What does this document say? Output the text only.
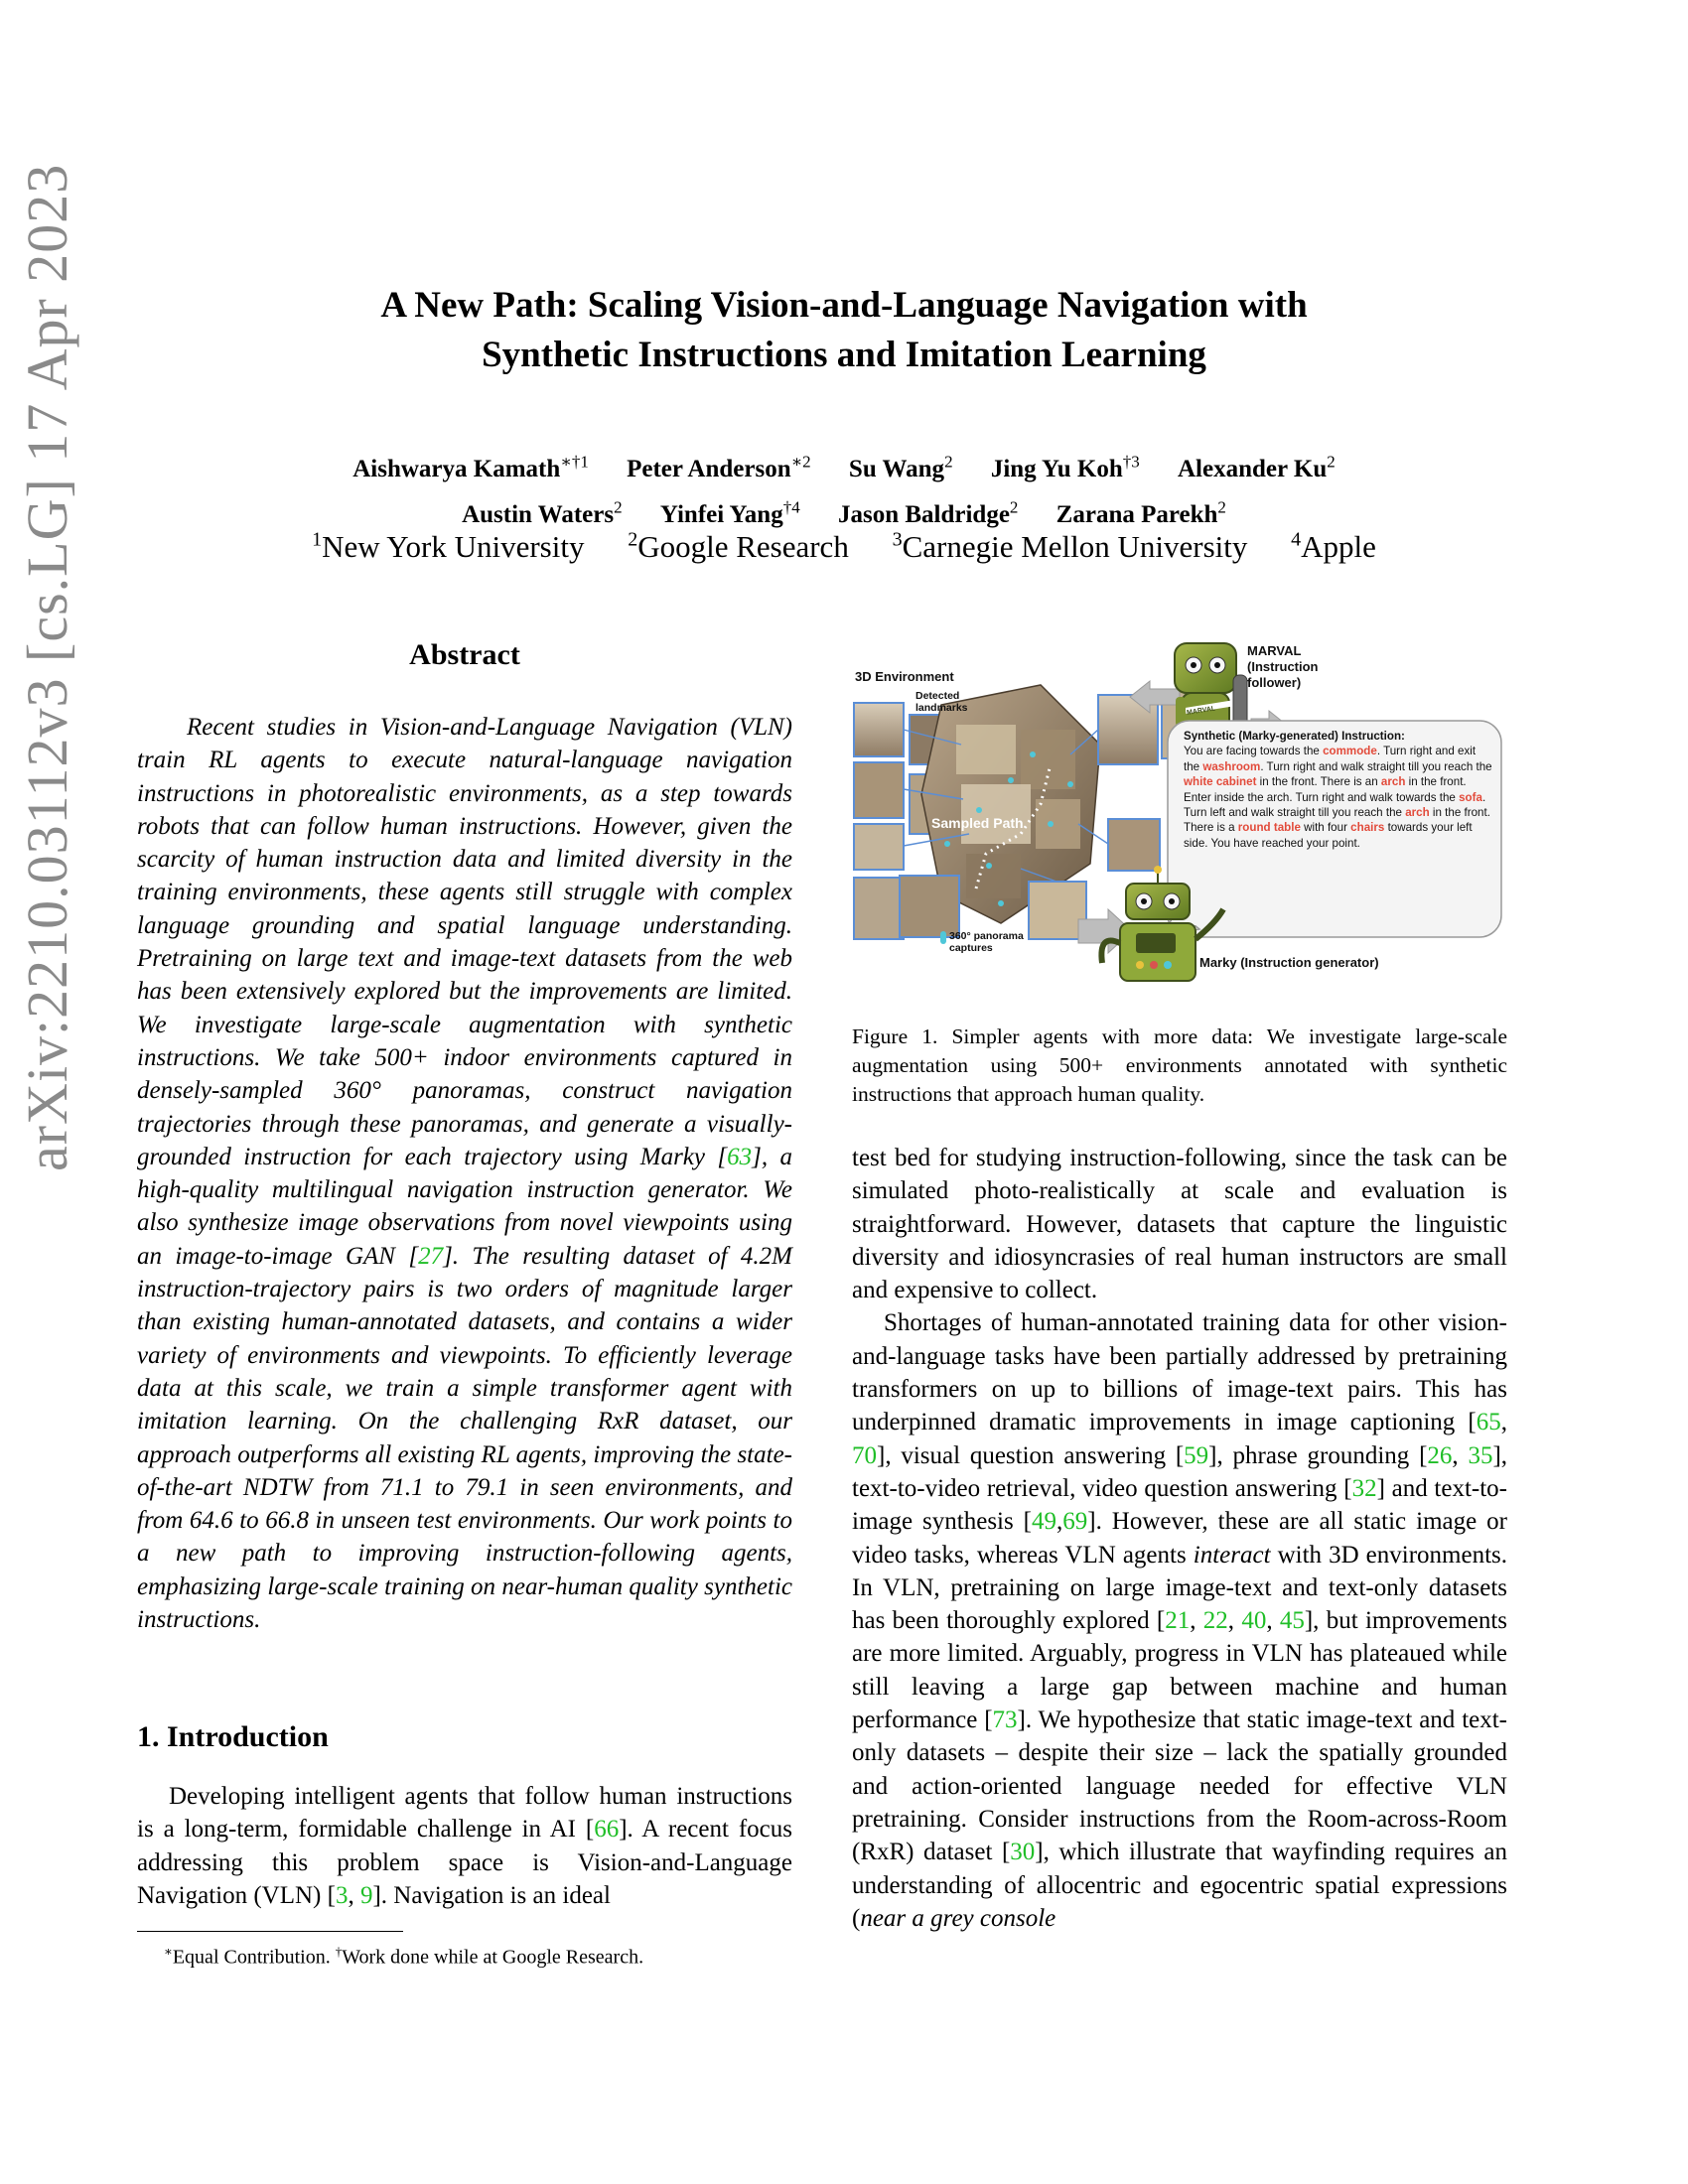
arXiv:2210.03112v3 [cs.LG] 17 Apr 2023	A New Path: Scaling Vision-and-Language Navigation with
Synthetic Instructions and Imitation Learning
Aishwarya Kamath$^{∗\dagger 1}$ Peter Anderson$^{∗2}$ Su Wang$^2$ Jing Yu Koh$^{\dagger 3}$ Alexander Ku$^2$
Austin Waters$^2$ Yinfei Yang$^{\dagger 4}$ Jason Baldridge$^2$ Zarana Parekh$^2$
$^1$New York University $^2$Google Research $^3$Carnegie Mellon University $^4$Apple
Abstract

Recent studies in Vision-and-Language Navigation (VLN) train RL agents to execute natural-language navigation instructions in photorealistic environments, as a step towards robots that can follow human instructions. However, given the scarcity of human instruction data and limited diversity in the training environments, these agents still struggle with complex language grounding and spatial language understanding. Pretraining on large text and image-text datasets from the web has been extensively explored but the improvements are limited. We investigate large-scale augmentation with synthetic instructions. We take 500+ indoor environments captured in densely-sampled 360° panoramas, construct navigation trajectories through these panoramas, and generate a visually-grounded instruction for each trajectory using Marky [63], a high-quality multilingual navigation instruction generator. We also synthesize image observations from novel viewpoints using an image-to-image GAN [27]. The resulting dataset of 4.2M instruction-trajectory pairs is two orders of magnitude larger than existing human-annotated datasets, and contains a wider variety of environments and viewpoints. To efficiently leverage data at this scale, we train a simple transformer agent with imitation learning. On the challenging RxR dataset, our approach outperforms all existing RL agents, improving the state-of-the-art NDTW from 71.1 to 79.1 in seen environments, and from 64.6 to 66.8 in unseen test environments. Our work points to a new path to improving instruction-following agents, emphasizing large-scale training on near-human quality synthetic instructions.

1. Introduction

Developing intelligent agents that follow human instructions is a long-term, formidable challenge in AI [66]. A recent focus addressing this problem space is Vision-and-Language Navigation (VLN) [3, 9]. Navigation is an ideal

∗Equal Contribution. †Work done while at Google Research.
MARVAL
(Instruction
follower)
MARVAL
3D Environment
Detected
landmarks
Sampled Path
360° panorama
captures
Synthetic (Marky-generated) Instruction:
You are facing towards the commode. Turn right and exit the washroom. Turn right and walk straight till you reach the white cabinet in the front. There is an arch in the front. Enter inside the arch. Turn right and walk towards the sofa. Turn left and walk straight till you reach the arch in the front. There is a round table with four chairs towards your left side. You have reached your point.
Marky (Instruction generator)

Figure 1. Simpler agents with more data: We investigate large-scale augmentation using 500+ environments annotated with synthetic instructions that approach human quality.

test bed for studying instruction-following, since the task can be simulated photo-realistically at scale and evaluation is straightforward. However, datasets that capture the linguistic diversity and idiosyncrasies of real human instructors are small and expensive to collect.

Shortages of human-annotated training data for other vision-and-language tasks have been partially addressed by pretraining transformers on up to billions of image-text pairs. This has underpinned dramatic improvements in image captioning [65, 70], visual question answering [59], phrase grounding [26, 35], text-to-video retrieval, video question answering [32] and text-to-image synthesis [49,69]. However, these are all static image or video tasks, whereas VLN agents interact with 3D environments. In VLN, pretraining on large image-text and text-only datasets has been thoroughly explored [21, 22, 40, 45], but improvements are more limited. Arguably, progress in VLN has plateaued while still leaving a large gap between machine and human performance [73]. We hypothesize that static image-text and text-only datasets – despite their size – lack the spatially grounded and action-oriented language needed for effective VLN pretraining. Consider instructions from the Room-across-Room (RxR) dataset [30], which illustrate that wayfinding requires an understanding of allocentric and egocentric spatial expressions (near a grey console
